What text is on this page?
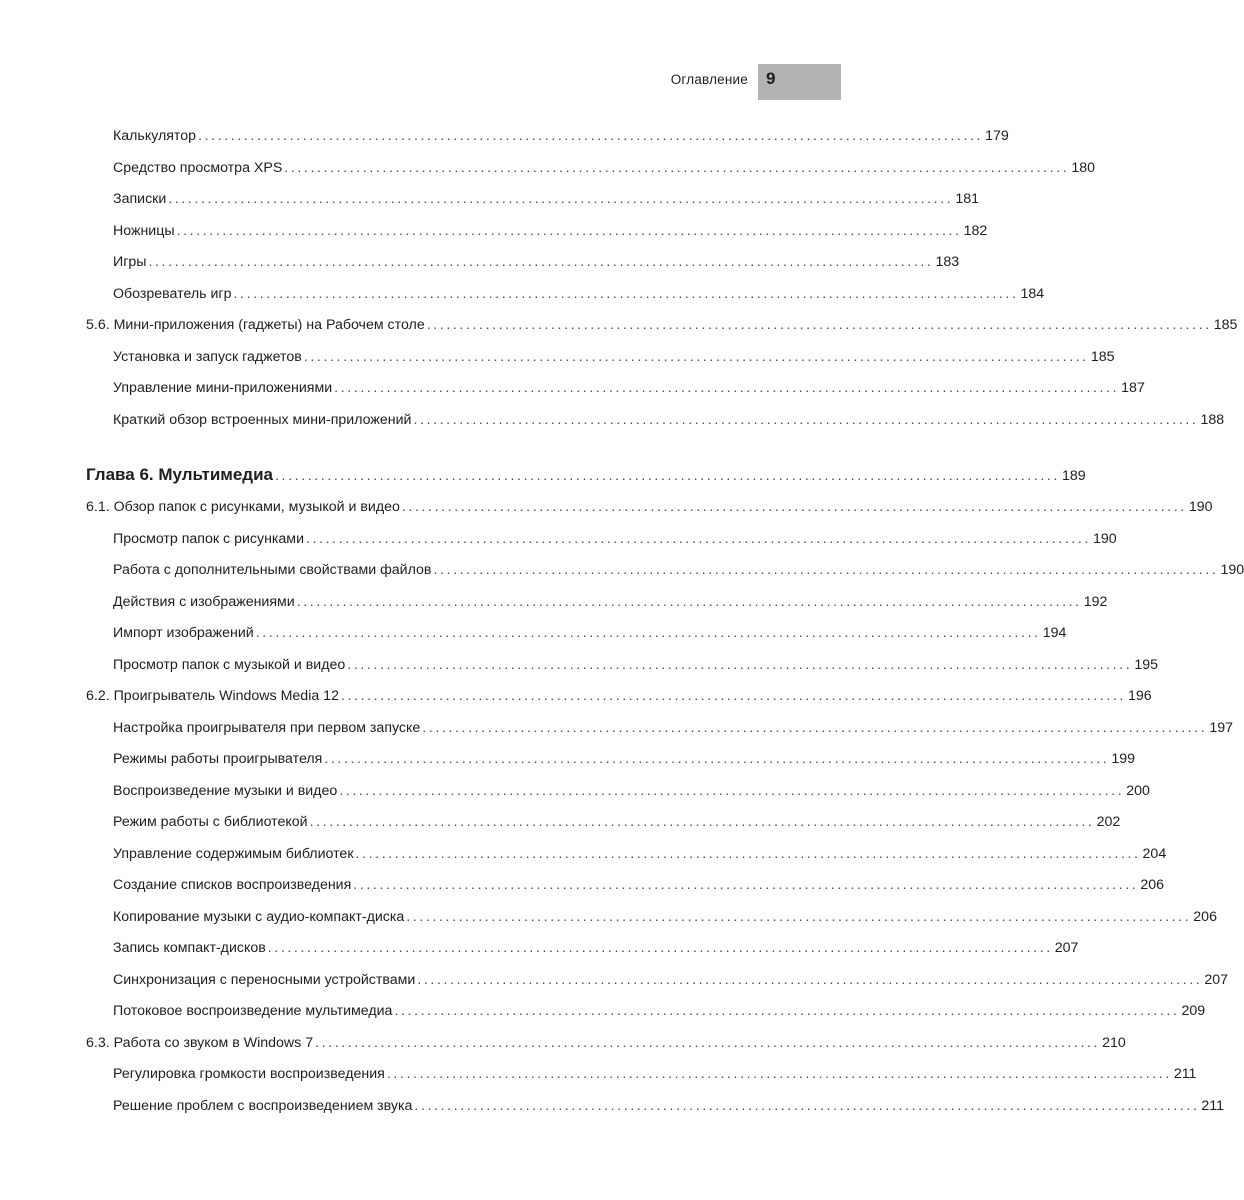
Оглавление 9
Калькулятор ........................................................................................................................ 179
Средство просмотра XPS ........................................................................................................................ 180
Записки ........................................................................................................................ 181
Ножницы ........................................................................................................................ 182
Игры ........................................................................................................................ 183
Обозреватель игр ........................................................................................................................ 184
5.6. Мини-приложения (гаджеты) на Рабочем столе ........................................................................................................................ 185
Установка и запуск гаджетов ........................................................................................................................ 185
Управление мини-приложениями ........................................................................................................................ 187
Краткий обзор встроенных мини-приложений ........................................................................................................................ 188
Глава 6. Мультимедиа ........................................................................................................................ 189
6.1. Обзор папок с рисунками, музыкой и видео ........................................................................................................................ 190
Просмотр папок с рисунками ........................................................................................................................ 190
Работа с дополнительными свойствами файлов ........................................................................................................................ 190
Действия с изображениями ........................................................................................................................ 192
Импорт изображений ........................................................................................................................ 194
Просмотр папок с музыкой и видео ........................................................................................................................ 195
6.2. Проигрыватель Windows Media 12 ........................................................................................................................ 196
Настройка проигрывателя при первом запуске ........................................................................................................................ 197
Режимы работы проигрывателя ........................................................................................................................ 199
Воспроизведение музыки и видео ........................................................................................................................ 200
Режим работы с библиотекой ........................................................................................................................ 202
Управление содержимым библиотек ........................................................................................................................ 204
Создание списков воспроизведения ........................................................................................................................ 206
Копирование музыки с аудио-компакт-диска ........................................................................................................................ 206
Запись компакт-дисков ........................................................................................................................ 207
Синхронизация с переносными устройствами ........................................................................................................................ 207
Потоковое воспроизведение мультимедиа ........................................................................................................................ 209
6.3. Работа со звуком в Windows 7 ........................................................................................................................ 210
Регулировка громкости воспроизведения ........................................................................................................................ 211
Решение проблем с воспроизведением звука ........................................................................................................................ 211
